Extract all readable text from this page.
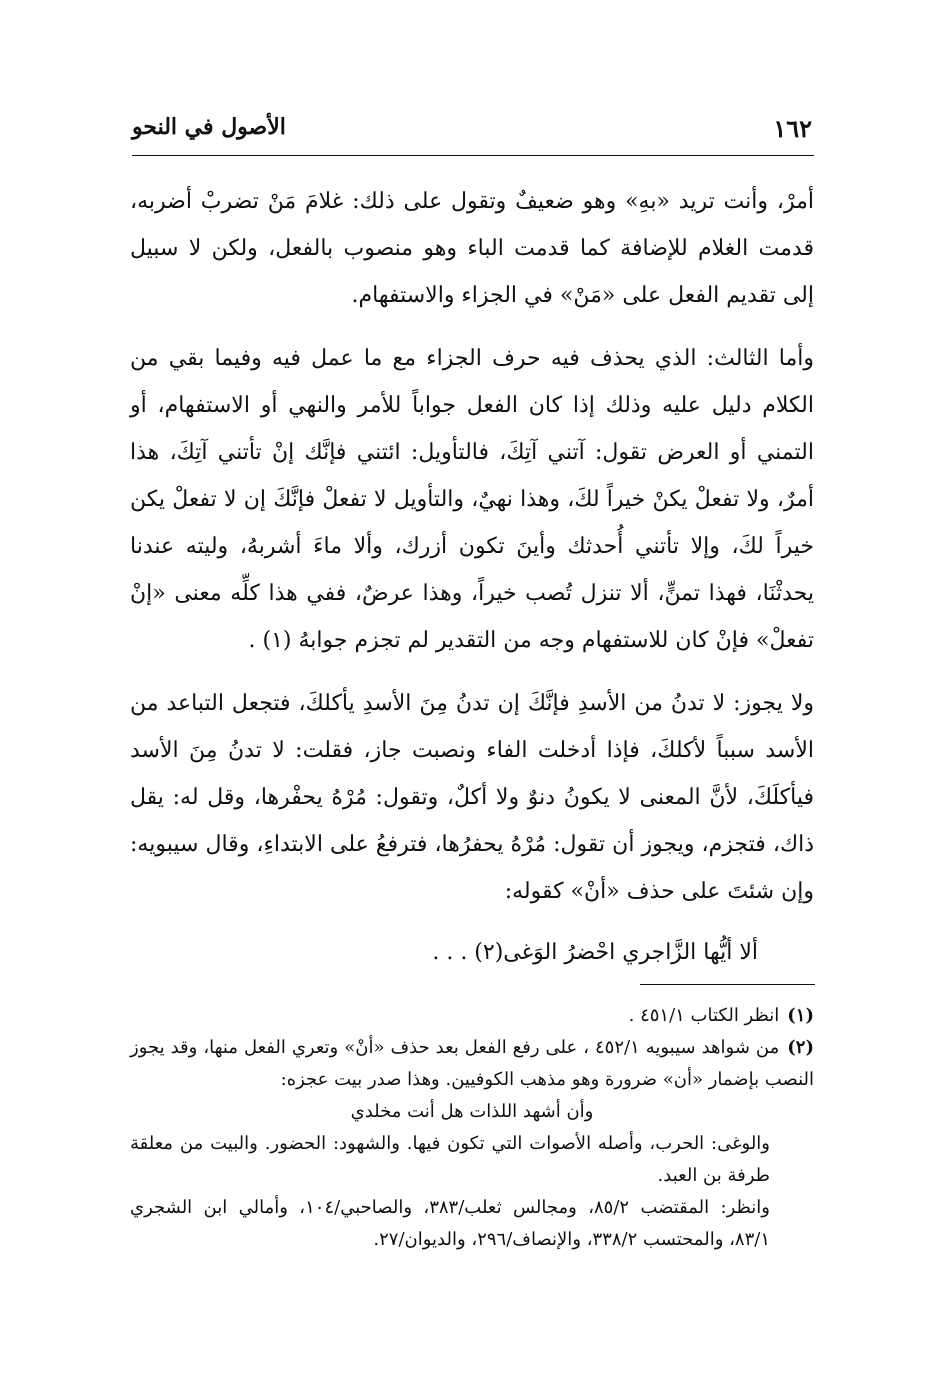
١٦٢
الأصول في النحو

أمرْ، وأنت تريد «بهِ» وهو ضعيفٌ وتقول على ذلك: غلامَ مَنْ تضربْ أضربه، قدمت الغلام للإضافة كما قدمت الباء وهو منصوب بالفعل، ولكن لا سبيل إلى تقديم الفعل على «مَنْ» في الجزاء والاستفهام.

وأما الثالث: الذي يحذف فيه حرف الجزاء مع ما عمل فيه وفيما بقي من الكلام دليل عليه وذلك إذا كان الفعل جواباً للأمر والنهي أو الاستفهام، أو التمني أو العرض تقول: آتني آتِكَ، فالتأويل: ائتني فإنَّك إنْ تأتني آتِكَ، هذا أمرٌ، ولا تفعلْ يكنْ خيراً لكَ، وهذا نهيٌ، والتأويل لا تفعلْ فإنَّكَ إن لا تفعلْ يكن خيراً لكَ، وإلا تأتني أُحدثك وأينَ تكون أزرك، وألا ماءَ أشربهُ، وليته عندنا يحدثْنَا، فهذا تمنٍّ، ألا تنزل تُصب خيراً، وهذا عرضٌ، ففي هذا كلِّه معنى «إنْ تفعلْ» فإنْ كان للاستفهام وجه من التقدير لم تجزم جوابهُ (١) .

ولا يجوز: لا تدنُ من الأسدِ فإنَّكَ إن تدنُ مِنَ الأسدِ يأكلكَ، فتجعل التباعد من الأسد سبباً لأكلكَ، فإذا أدخلت الفاء ونصبت جاز، فقلت: لا تدنُ مِنَ الأسد فيأكلَكَ، لأنَّ المعنى لا يكونُ دنوٌ ولا أكلٌ، وتقول: مُرْهُ يحفْرها، وقل له: يقل ذاك، فتجزم، ويجوز أن تقول: مُرْهُ يحفرُها، فترفعُ على الابتداءِ، وقال سيبويه: وإن شئتَ على حذف «أنْ» كقوله:

ألا أيُّها الزَّاجري احْضرُ الوَغى(٢) . . .

(١)انظر الكتاب ٤٥١/١ .

(٢)من شواهد سيبويه ٤٥٢/١ ، على رفع الفعل بعد حذف «أنْ» وتعري الفعل منها، وقد يجوز النصب بإضمار «أن» ضرورة وهو مذهب الكوفيين. وهذا صدر بيت عجزه:

وأن أشهد اللذات هل أنت مخلدي

والوغى: الحرب، وأصله الأصوات التي تكون فيها. والشهود: الحضور. والبيت من معلقة طرفة بن العبد.

وانظر: المقتضب ٨٥/٢، ومجالس ثعلب/٣٨٣، والصاحبي/١٠٤، وأمالي ابن الشجري ٨٣/١، والمحتسب ٣٣٨/٢، والإنصاف/٢٩٦، والديوان/٢٧.
